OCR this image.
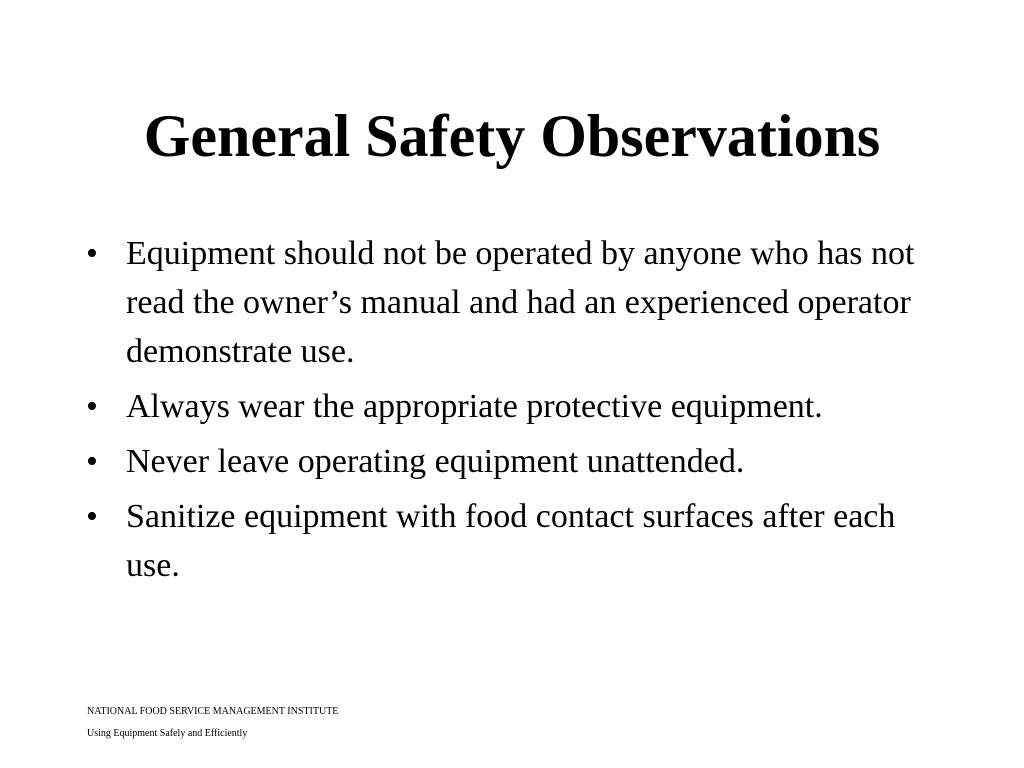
General Safety Observations
• Equipment should not be operated by anyone who has not read the owner’s manual and had an experienced operator demonstrate use.
• Always wear the appropriate protective equipment.
• Never leave operating equipment unattended.
• Sanitize equipment with food contact surfaces after each use.
NATIONAL FOOD SERVICE MANAGEMENT INSTITUTE
Using Equipment Safely and Efficiently
